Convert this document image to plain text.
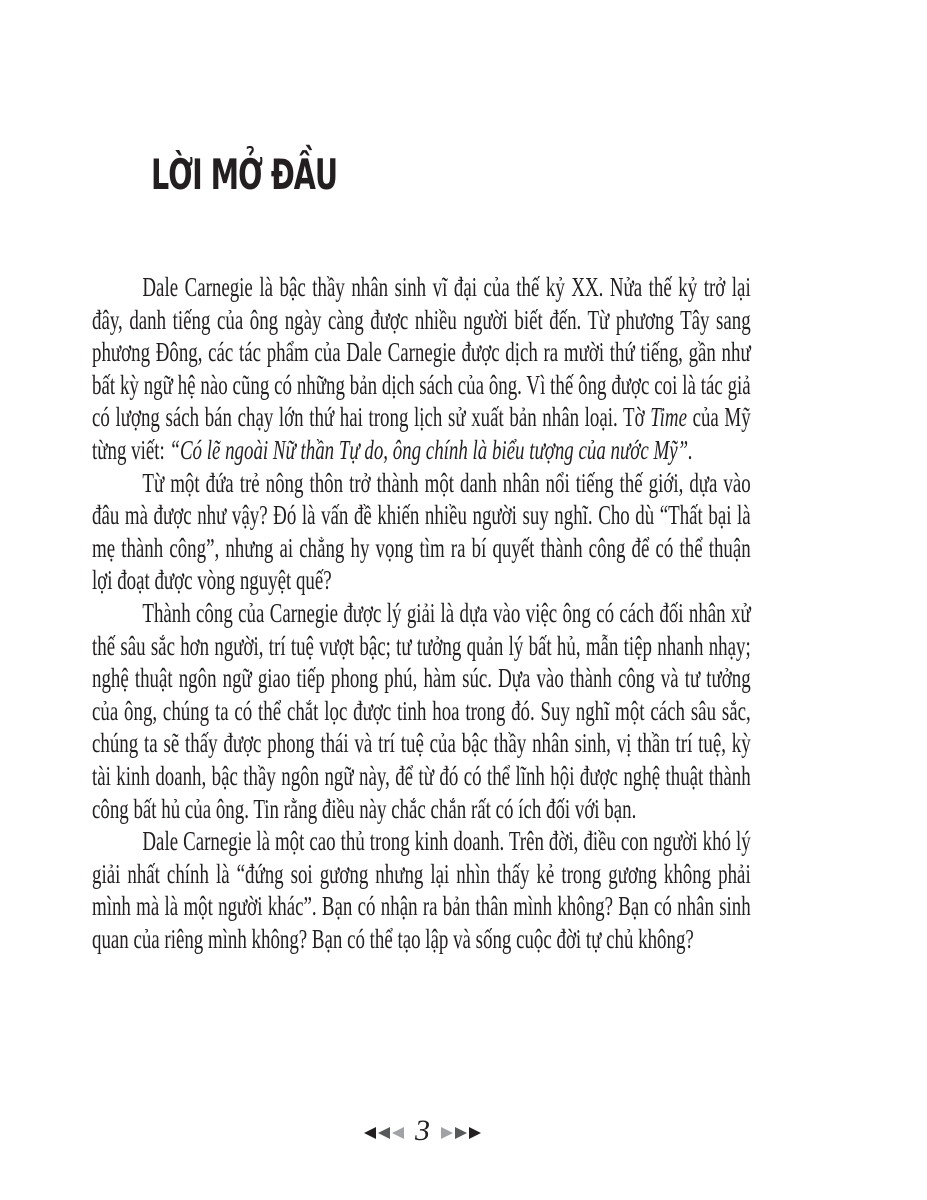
LỜI MỞ ĐẦU

Dale Carnegie là bậc thầy nhân sinh vĩ đại của thế kỷ XX. Nửa thế kỷ trở lại đây, danh tiếng của ông ngày càng được nhiều người biết đến. Từ phương Tây sang phương Đông, các tác phẩm của Dale Carnegie được dịch ra mười thứ tiếng, gần như bất kỳ ngữ hệ nào cũng có những bản dịch sách của ông. Vì thế ông được coi là tác giả có lượng sách bán chạy lớn thứ hai trong lịch sử xuất bản nhân loại. Tờ Time của Mỹ từng viết: “Có lẽ ngoài Nữ thần Tự do, ông chính là biểu tượng của nước Mỹ”.

Từ một đứa trẻ nông thôn trở thành một danh nhân nổi tiếng thế giới, dựa vào đâu mà được như vậy? Đó là vấn đề khiến nhiều người suy nghĩ. Cho dù “Thất bại là mẹ thành công”, nhưng ai chẳng hy vọng tìm ra bí quyết thành công để có thể thuận lợi đoạt được vòng nguyệt quế?

Thành công của Carnegie được lý giải là dựa vào việc ông có cách đối nhân xử thế sâu sắc hơn người, trí tuệ vượt bậc; tư tưởng quản lý bất hủ, mẫn tiệp nhanh nhạy; nghệ thuật ngôn ngữ giao tiếp phong phú, hàm súc. Dựa vào thành công và tư tưởng của ông, chúng ta có thể chắt lọc được tinh hoa trong đó. Suy nghĩ một cách sâu sắc, chúng ta sẽ thấy được phong thái và trí tuệ của bậc thầy nhân sinh, vị thần trí tuệ, kỳ tài kinh doanh, bậc thầy ngôn ngữ này, để từ đó có thể lĩnh hội được nghệ thuật thành công bất hủ của ông. Tin rằng điều này chắc chắn rất có ích đối với bạn.

Dale Carnegie là một cao thủ trong kinh doanh. Trên đời, điều con người khó lý giải nhất chính là “đứng soi gương nhưng lại nhìn thấy kẻ trong gương không phải mình mà là một người khác”. Bạn có nhận ra bản thân mình không? Bạn có nhân sinh quan của riêng mình không? Bạn có thể tạo lập và sống cuộc đời tự chủ không?

3
